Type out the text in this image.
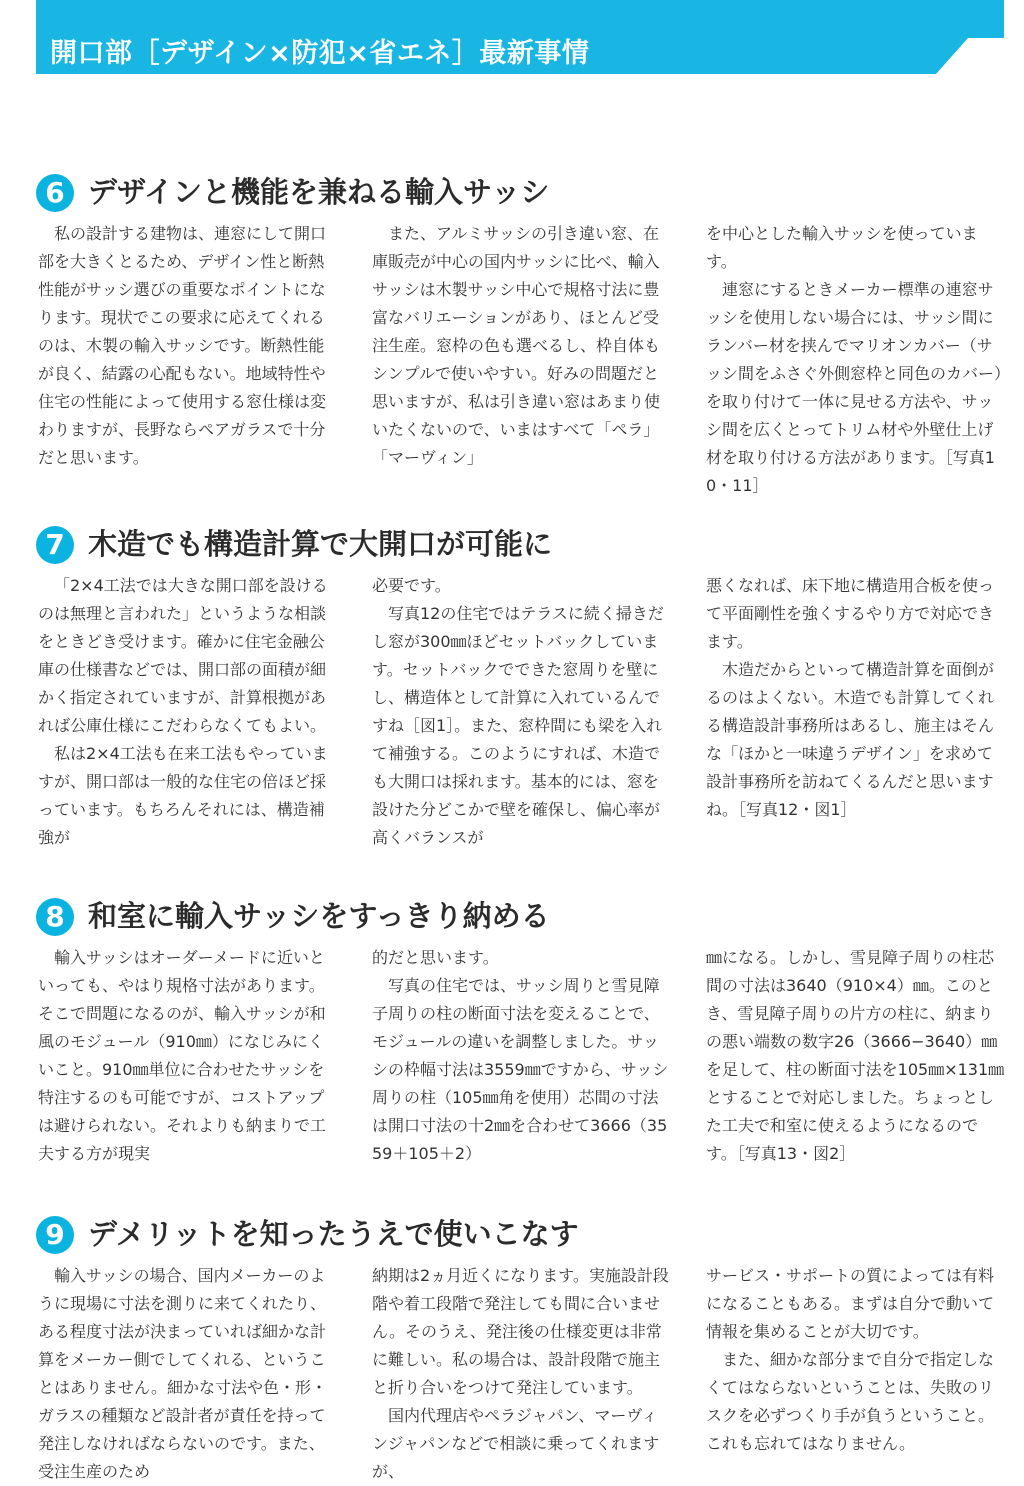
開口部［デザイン×防犯×省エネ］最新事情
6 デザインと機能を兼ねる輸入サッシ

私の設計する建物は、連窓にして開口部を大きくとるため、デザイン性と断熱性能がサッシ選びの重要なポイントになります。現状でこの要求に応えてくれるのは、木製の輸入サッシです。断熱性能が良く、結露の心配もない。地域特性や住宅の性能によって使用する窓仕様は変わりますが、長野ならペアガラスで十分だと思います。

また、アルミサッシの引き違い窓、在庫販売が中心の国内サッシに比べ、輸入サッシは木製サッシ中心で規格寸法に豊富なバリエーションがあり、ほとんど受注生産。窓枠の色も選べるし、枠自体もシンプルで使いやすい。好みの問題だと思いますが、私は引き違い窓はあまり使いたくないので、いまはすべて「ペラ」「マーヴィン」

を中心とした輸入サッシを使っています。

連窓にするときメーカー標準の連窓サッシを使用しない場合には、サッシ間にランバー材を挟んでマリオンカバー（サッシ間をふさぐ外側窓枠と同色のカバー）を取り付けて一体に見せる方法や、サッシ間を広くとってトリム材や外壁仕上げ材を取り付ける方法があります。［写真10・11］

7 木造でも構造計算で大開口が可能に

「2×4工法では大きな開口部を設けるのは無理と言われた」というような相談をときどき受けます。確かに住宅金融公庫の仕様書などでは、開口部の面積が細かく指定されていますが、計算根拠があれば公庫仕様にこだわらなくてもよい。

私は2×4工法も在来工法もやっていますが、開口部は一般的な住宅の倍ほど採っています。もちろんそれには、構造補強が

必要です。

写真12の住宅ではテラスに続く掃きだし窓が300㎜ほどセットバックしています。セットバックでできた窓周りを壁にし、構造体として計算に入れているんですね［図1］。また、窓枠間にも梁を入れて補強する。このようにすれば、木造でも大開口は採れます。基本的には、窓を設けた分どこかで壁を確保し、偏心率が高くバランスが

悪くなれば、床下地に構造用合板を使って平面剛性を強くするやり方で対応できます。

木造だからといって構造計算を面倒がるのはよくない。木造でも計算してくれる構造設計事務所はあるし、施主はそんな「ほかと一味違うデザイン」を求めて設計事務所を訪ねてくるんだと思いますね。［写真12・図1］

8 和室に輸入サッシをすっきり納める

輸入サッシはオーダーメードに近いといっても、やはり規格寸法があります。そこで問題になるのが、輸入サッシが和風のモジュール（910㎜）になじみにくいこと。910㎜単位に合わせたサッシを特注するのも可能ですが、コストアップは避けられない。それよりも納まりで工夫する方が現実

的だと思います。

写真の住宅では、サッシ周りと雪見障子周りの柱の断面寸法を変えることで、モジュールの違いを調整しました。サッシの枠幅寸法は3559㎜ですから、サッシ周りの柱（105㎜角を使用）芯間の寸法は開口寸法の十2㎜を合わせて3666（3559＋105＋2）

㎜になる。しかし、雪見障子周りの柱芯間の寸法は3640（910×4）㎜。このとき、雪見障子周りの片方の柱に、納まりの悪い端数の数字26（3666−3640）㎜を足して、柱の断面寸法を105㎜×131㎜とすることで対応しました。ちょっとした工夫で和室に使えるようになるのです。［写真13・図2］

9 デメリットを知ったうえで使いこなす

輸入サッシの場合、国内メーカーのように現場に寸法を測りに来てくれたり、ある程度寸法が決まっていれば細かな計算をメーカー側でしてくれる、ということはありません。細かな寸法や色・形・ガラスの種類など設計者が責任を持って発注しなければならないのです。また、受注生産のため

納期は2ヵ月近くになります。実施設計段階や着工段階で発注しても間に合いません。そのうえ、発注後の仕様変更は非常に難しい。私の場合は、設計段階で施主と折り合いをつけて発注しています。

国内代理店やペラジャパン、マーヴィンジャパンなどで相談に乗ってくれますが、

サービス・サポートの質によっては有料になることもある。まずは自分で動いて情報を集めることが大切です。

また、細かな部分まで自分で指定しなくてはならないということは、失敗のリスクを必ずつくり手が負うということ。これも忘れてはなりません。
